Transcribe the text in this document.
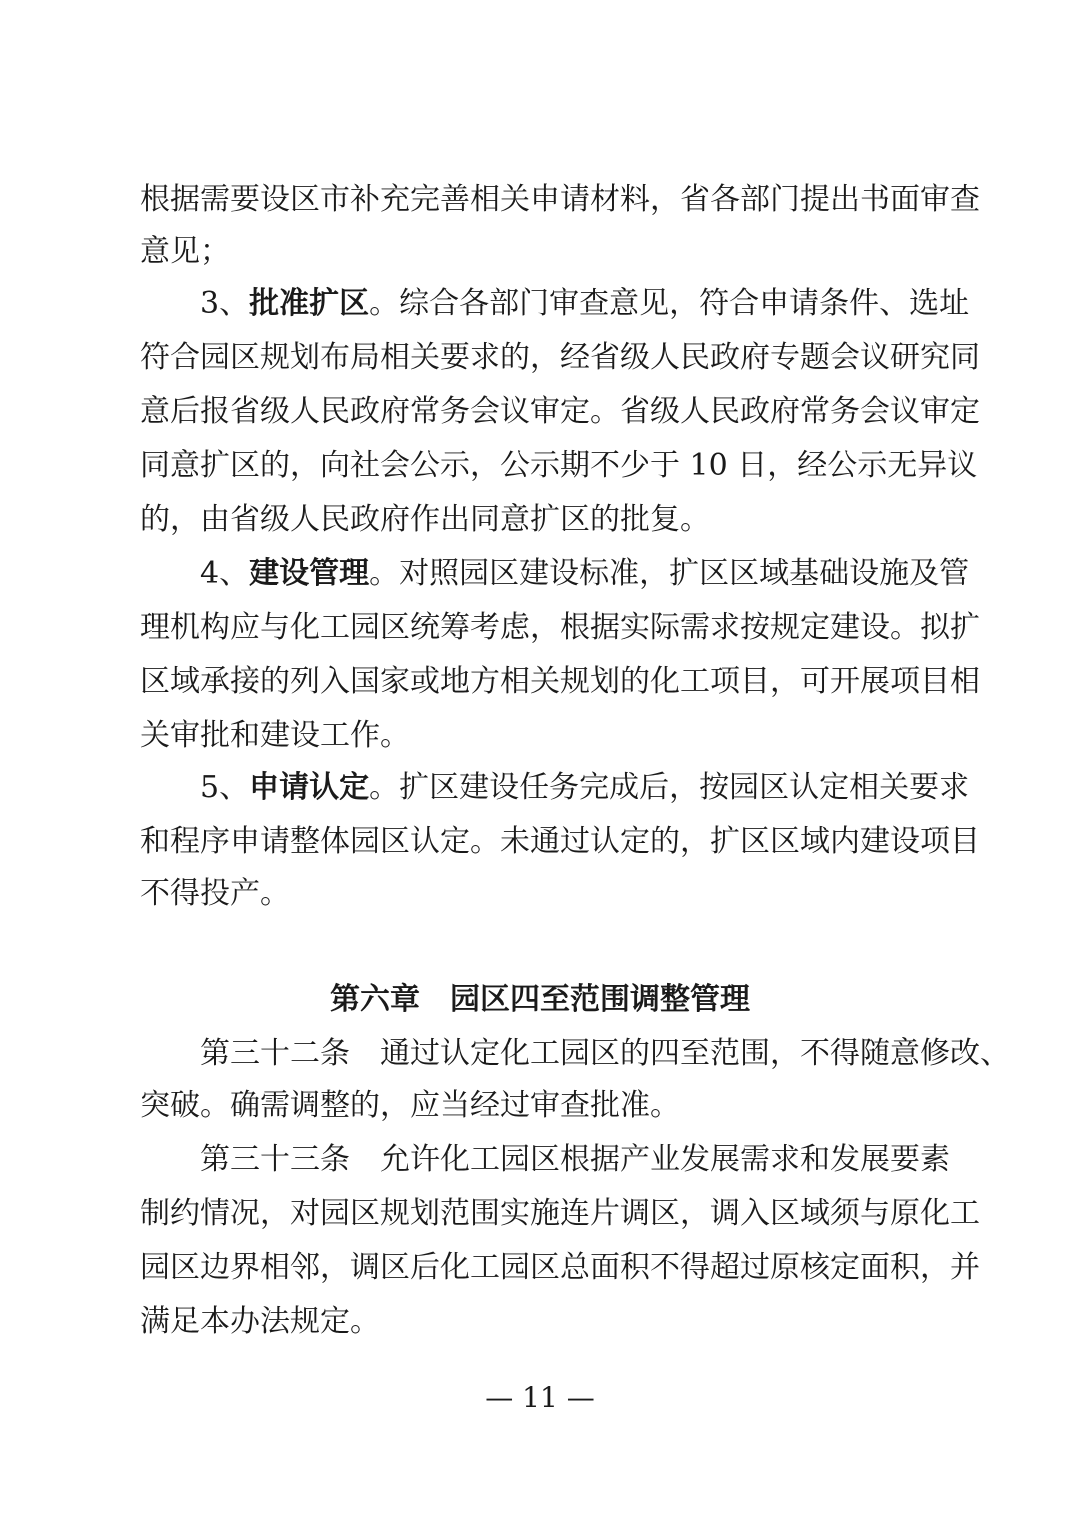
根据需要设区市补充完善相关申请材料，省各部门提出书面审查
意见；
3、批准扩区。综合各部门审查意见，符合申请条件、选址
符合园区规划布局相关要求的，经省级人民政府专题会议研究同
意后报省级人民政府常务会议审定。省级人民政府常务会议审定
同意扩区的，向社会公示，公示期不少于 10 日，经公示无异议
的，由省级人民政府作出同意扩区的批复。
4、建设管理。对照园区建设标准，扩区区域基础设施及管
理机构应与化工园区统筹考虑，根据实际需求按规定建设。拟扩
区域承接的列入国家或地方相关规划的化工项目，可开展项目相
关审批和建设工作。
5、申请认定。扩区建设任务完成后，按园区认定相关要求
和程序申请整体园区认定。未通过认定的，扩区区域内建设项目
不得投产。
第六章　园区四至范围调整管理
第三十二条　通过认定化工园区的四至范围，不得随意修改、
突破。确需调整的，应当经过审查批准。
第三十三条　允许化工园区根据产业发展需求和发展要素
制约情况，对园区规划范围实施连片调区，调入区域须与原化工
园区边界相邻，调区后化工园区总面积不得超过原核定面积，并
满足本办法规定。
— 11 —
